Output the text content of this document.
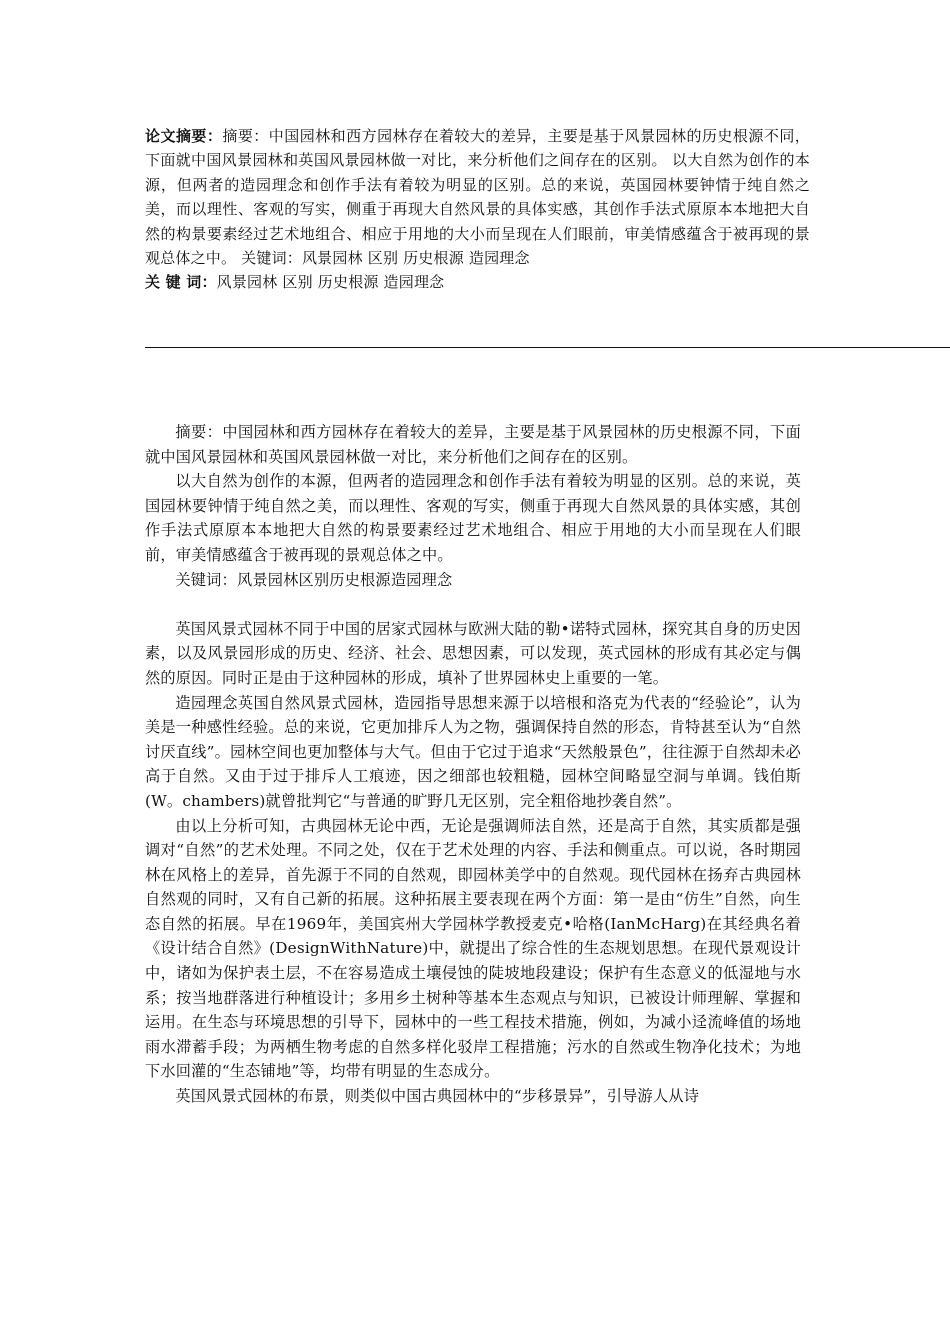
论文摘要：摘要：中国园林和西方园林存在着较大的差异，主要是基于风景园林的历史根源不同，下面就中国风景园林和英国风景园林做一对比，来分析他们之间存在的区别。 以大自然为创作的本源，但两者的造园理念和创作手法有着较为明显的区别。总的来说，英国园林要钟情于纯自然之美，而以理性、客观的写实，侧重于再现大自然风景的具体实感，其创作手法式原原本本地把大自然的构景要素经过艺术地组合、相应于用地的大小而呈现在人们眼前，审美情感蕴含于被再现的景观总体之中。 关键词：风景园林 区别 历史根源 造园理念

关 键 词：风景园林 区别 历史根源 造园理念

摘要：中国园林和西方园林存在着较大的差异，主要是基于风景园林的历史根源不同，下面就中国风景园林和英国风景园林做一对比，来分析他们之间存在的区别。

以大自然为创作的本源，但两者的造园理念和创作手法有着较为明显的区别。总的来说，英国园林要钟情于纯自然之美，而以理性、客观的写实，侧重于再现大自然风景的具体实感，其创作手法式原原本本地把大自然的构景要素经过艺术地组合、相应于用地的大小而呈现在人们眼前，审美情感蕴含于被再现的景观总体之中。

关键词：风景园林区别历史根源造园理念

英国风景式园林不同于中国的居家式园林与欧洲大陆的勒•诺特式园林，探究其自身的历史因素，以及风景园形成的历史、经济、社会、思想因素，可以发现，英式园林的形成有其必定与偶然的原因。同时正是由于这种园林的形成，填补了世界园林史上重要的一笔。

造园理念英国自然风景式园林，造园指导思想来源于以培根和洛克为代表的“经验论”，认为美是一种感性经验。总的来说，它更加排斥人为之物，强调保持自然的形态，肯特甚至认为“自然讨厌直线”。园林空间也更加整体与大气。但由于它过于追求“天然般景色”，往往源于自然却未必高于自然。又由于过于排斥人工痕迹，因之细部也较粗糙，园林空间略显空洞与单调。钱伯斯(W。chambers)就曾批判它“与普通的旷野几无区别，完全粗俗地抄袭自然”。

由以上分析可知，古典园林无论中西，无论是强调师法自然，还是高于自然，其实质都是强调对“自然”的艺术处理。不同之处，仅在于艺术处理的内容、手法和侧重点。可以说，各时期园林在风格上的差异，首先源于不同的自然观，即园林美学中的自然观。现代园林在扬弃古典园林自然观的同时，又有自己新的拓展。这种拓展主要表现在两个方面：第一是由“仿生”自然，向生态自然的拓展。早在1969年，美国宾州大学园林学教授麦克•哈格(IanMcHarg)在其经典名着《设计结合自然》(DesignWithNature)中，就提出了综合性的生态规划思想。在现代景观设计中，诸如为保护表土层，不在容易造成土壤侵蚀的陡坡地段建设；保护有生态意义的低湿地与水系；按当地群落进行种植设计；多用乡土树种等基本生态观点与知识，已被设计师理解、掌握和运用。在生态与环境思想的引导下，园林中的一些工程技术措施，例如，为减小迳流峰值的场地雨水滞蓄手段；为两栖生物考虑的自然多样化驳岸工程措施；污水的自然或生物净化技术；为地下水回灌的“生态铺地”等，均带有明显的生态成分。

英国风景式园林的布景，则类似中国古典园林中的“步移景异”，引导游人从诗
